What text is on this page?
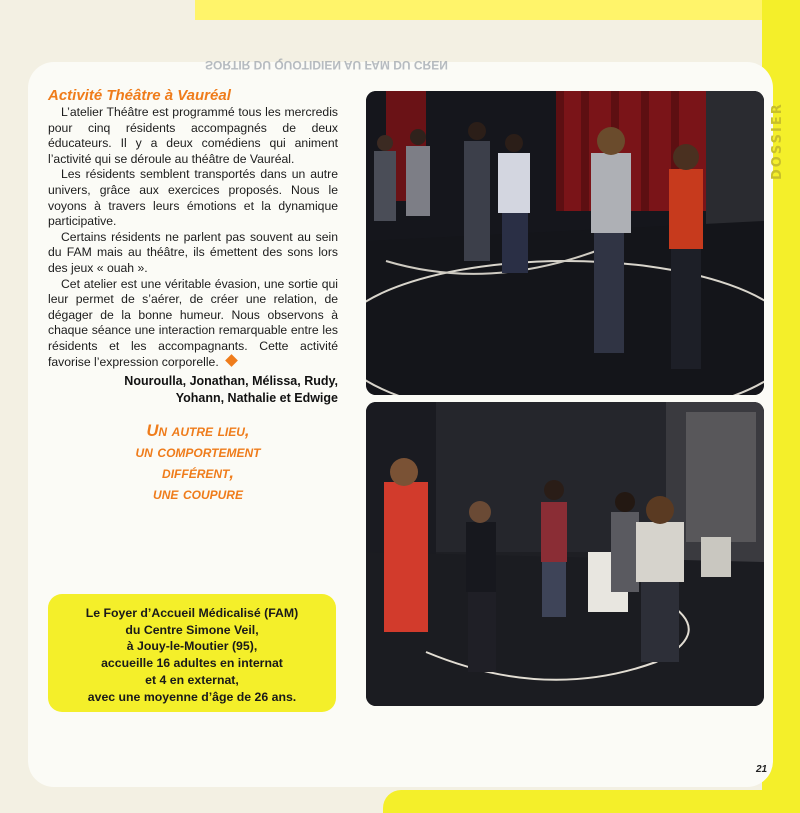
SORTIR DU QUOTIDIEN AU FAM DU CREN
DOSSIER
Activité Théâtre à Vauréal

L’atelier Théâtre est programmé tous les mercredis pour cinq résidents accompagnés de deux éducateurs. Il y a deux comédiens qui animent l’activité qui se déroule au théâtre de Vauréal.

Les résidents semblent transportés dans un autre univers, grâce aux exercices proposés. Nous le voyons à travers leurs émotions et la dynamique participative.

Certains résidents ne parlent pas souvent au sein du FAM mais au théâtre, ils émettent des sons lors des jeux « ouah ».

Cet atelier est une véritable évasion, une sortie qui leur permet de s’aérer, de créer une relation, de dégager de la bonne humeur. Nous observons à chaque séance une interaction remarquable entre les résidents et les accompagnants. Cette activité favorise l’expression corporelle.

Nouroulla, Jonathan, Mélissa, Rudy,
Yohann, Nathalie et Edwige
Un autre lieu,
un comportement
différent,
une coupure
Le Foyer d’Accueil Médicalisé (FAM)
du Centre Simone Veil,
à Jouy-le-Moutier (95),
accueille 16 adultes en internat
et 4 en externat,
avec une moyenne d’âge de 26 ans.
21
